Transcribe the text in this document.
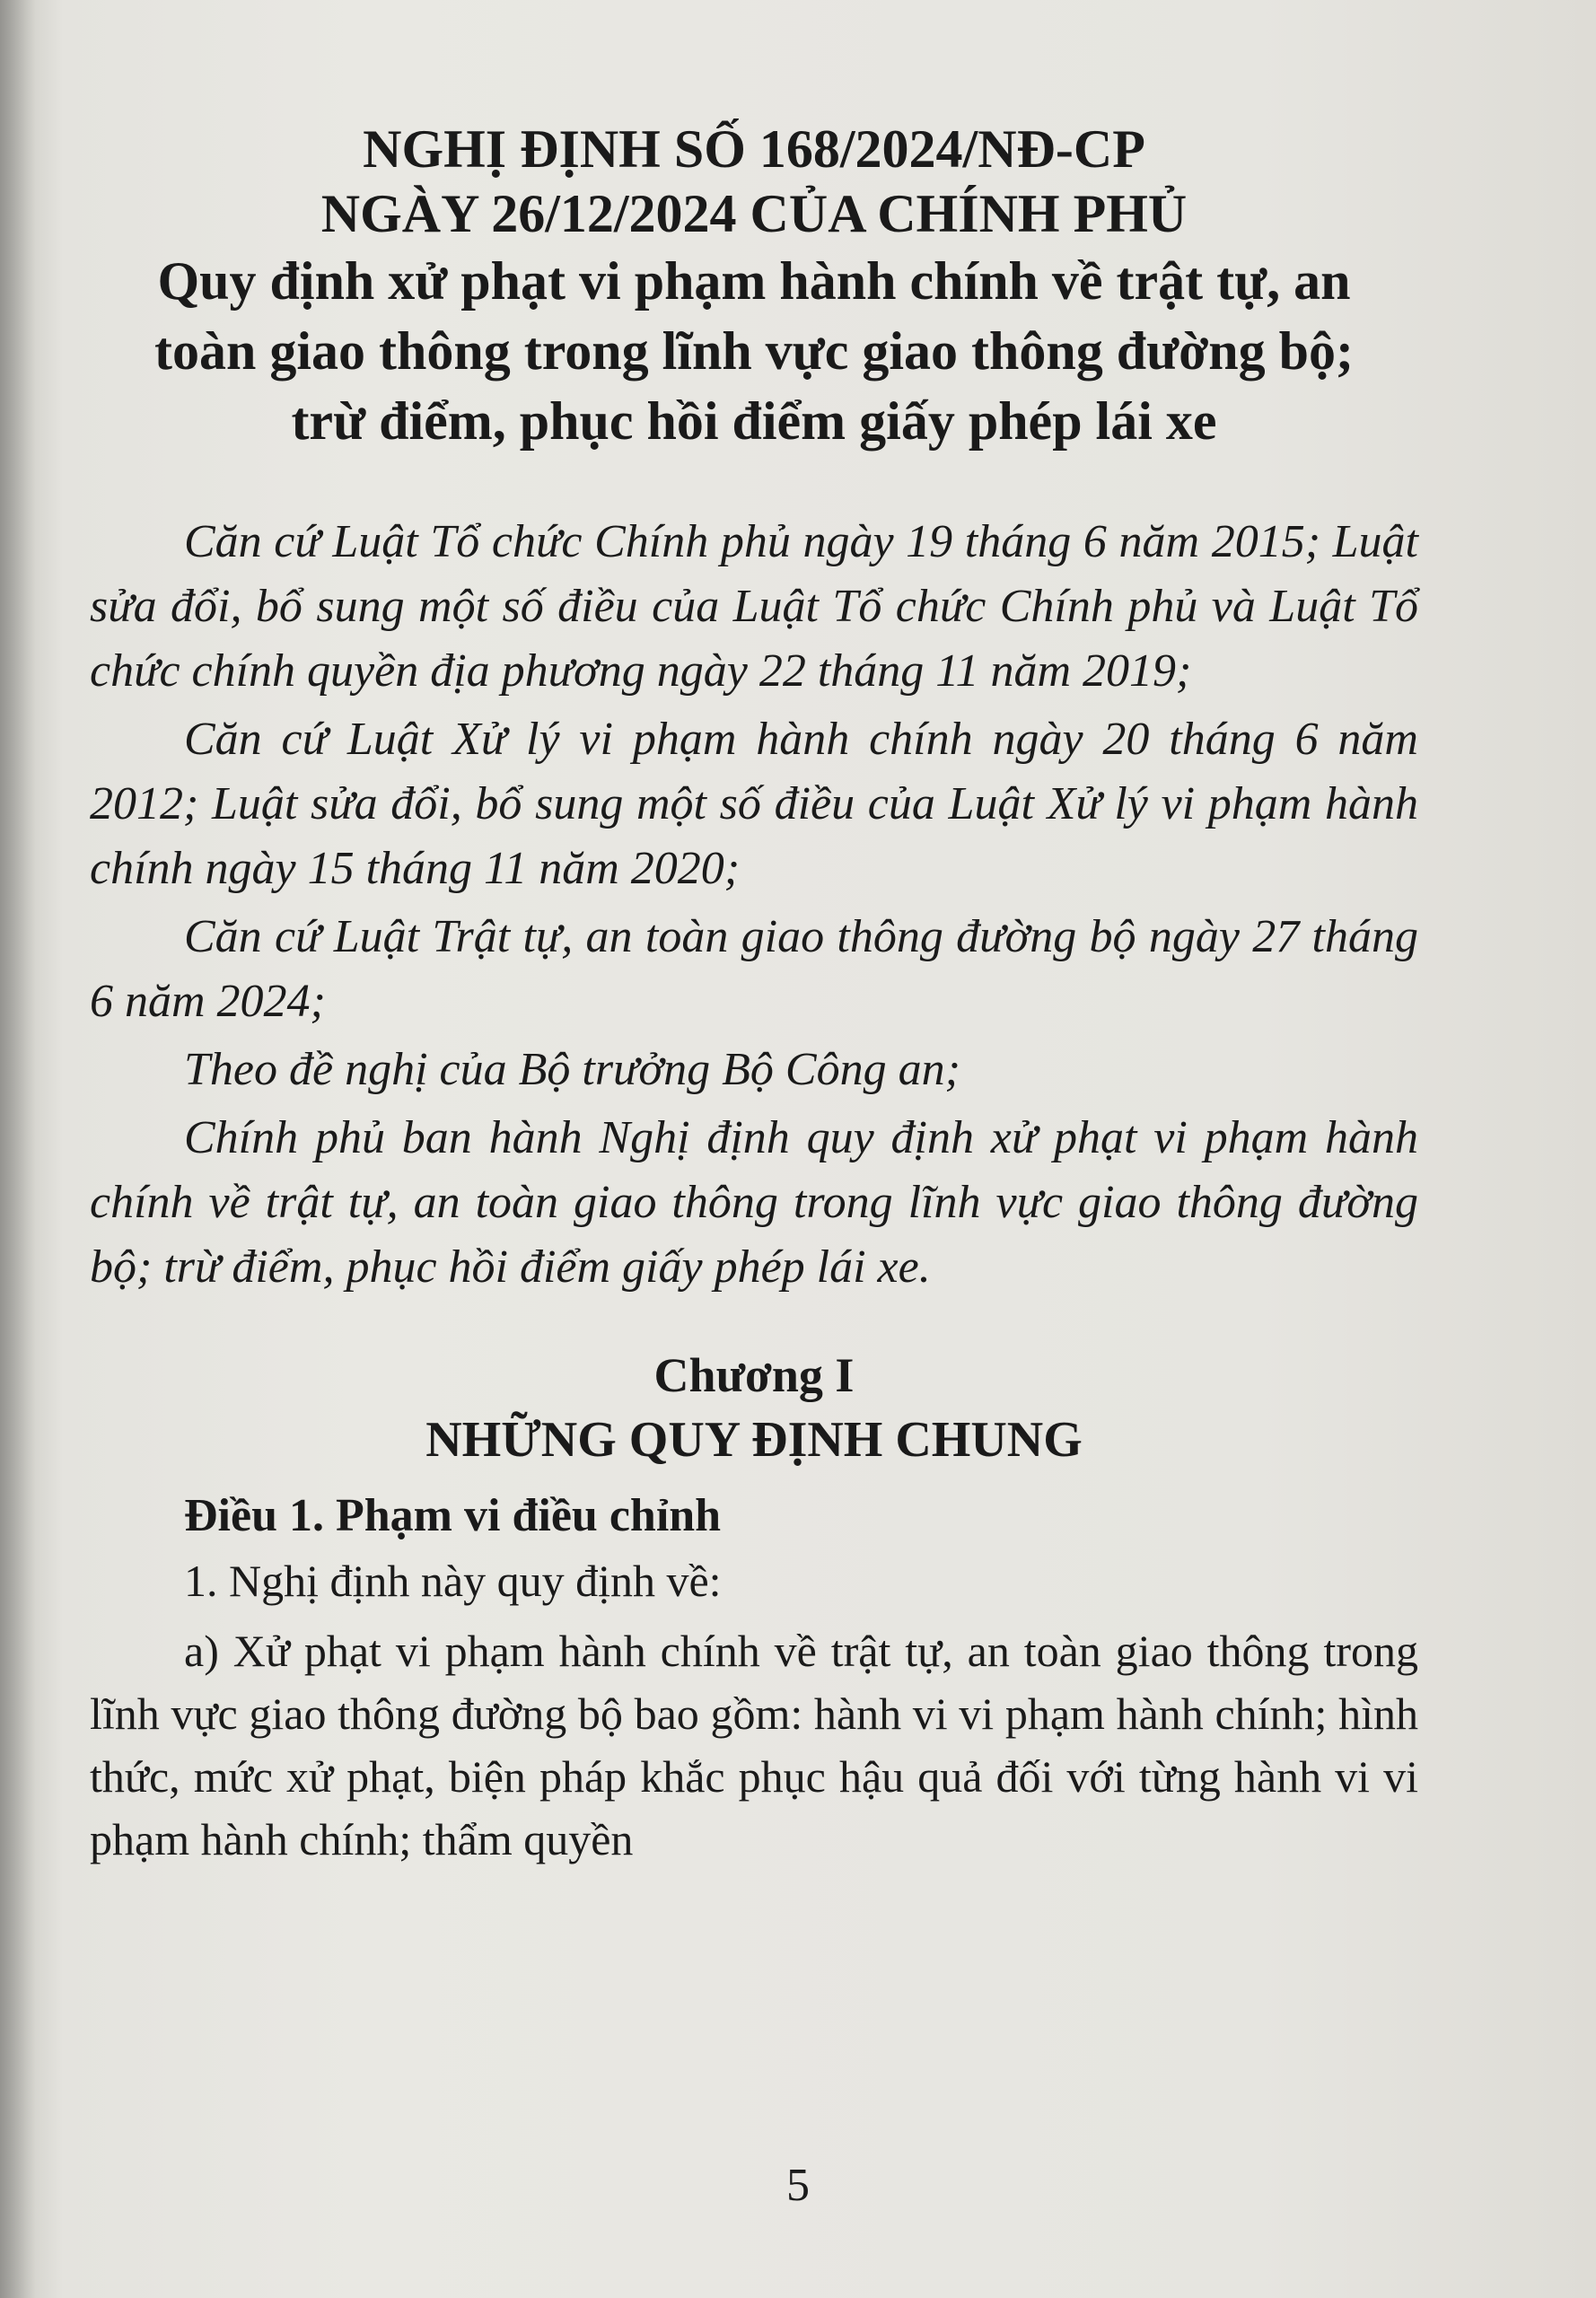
NGHỊ ĐỊNH SỐ 168/2024/NĐ-CP
NGÀY 26/12/2024 CỦA CHÍNH PHỦ
Quy định xử phạt vi phạm hành chính về trật tự, an toàn giao thông trong lĩnh vực giao thông đường bộ; trừ điểm, phục hồi điểm giấy phép lái xe

Căn cứ Luật Tổ chức Chính phủ ngày 19 tháng 6 năm 2015; Luật sửa đổi, bổ sung một số điều của Luật Tổ chức Chính phủ và Luật Tổ chức chính quyền địa phương ngày 22 tháng 11 năm 2019;

Căn cứ Luật Xử lý vi phạm hành chính ngày 20 tháng 6 năm 2012; Luật sửa đổi, bổ sung một số điều của Luật Xử lý vi phạm hành chính ngày 15 tháng 11 năm 2020;

Căn cứ Luật Trật tự, an toàn giao thông đường bộ ngày 27 tháng 6 năm 2024;

Theo đề nghị của Bộ trưởng Bộ Công an;

Chính phủ ban hành Nghị định quy định xử phạt vi phạm hành chính về trật tự, an toàn giao thông trong lĩnh vực giao thông đường bộ; trừ điểm, phục hồi điểm giấy phép lái xe.

Chương I
NHỮNG QUY ĐỊNH CHUNG
Điều 1. Phạm vi điều chỉnh

1. Nghị định này quy định về:

a) Xử phạt vi phạm hành chính về trật tự, an toàn giao thông trong lĩnh vực giao thông đường bộ bao gồm: hành vi vi phạm hành chính; hình thức, mức xử phạt, biện pháp khắc phục hậu quả đối với từng hành vi vi phạm hành chính; thẩm quyền

5
